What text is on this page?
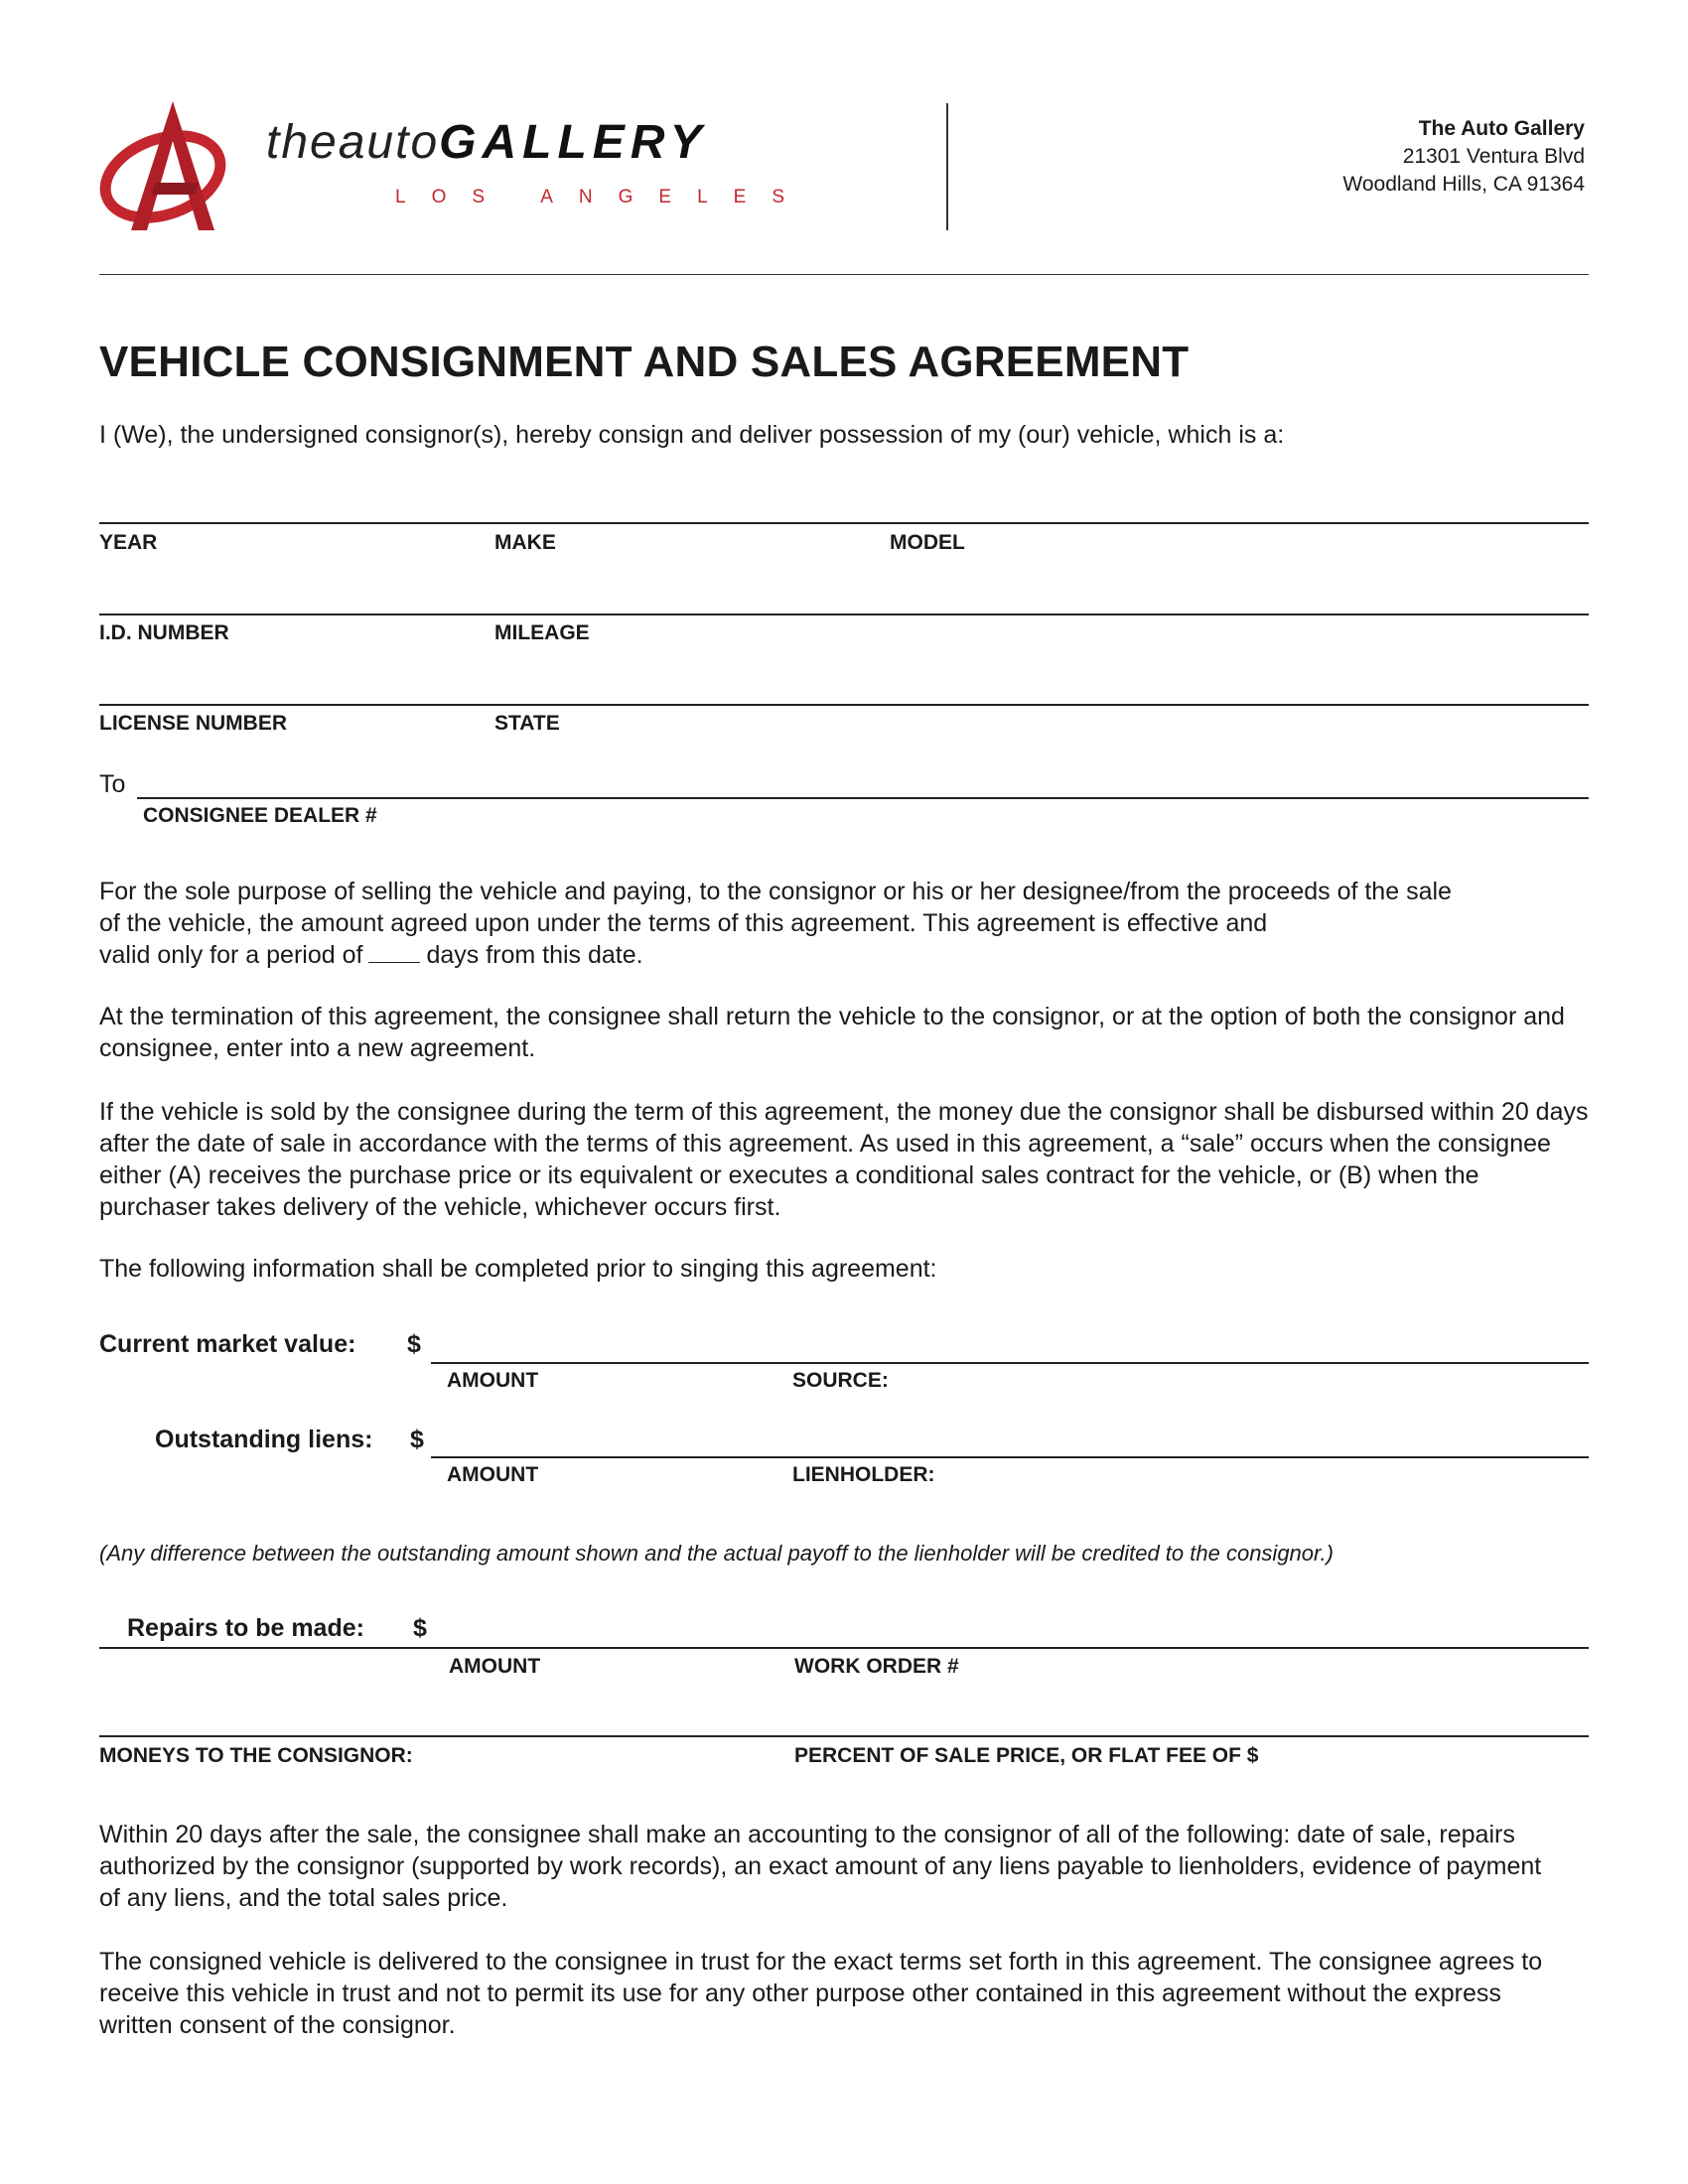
theautoGALLERY
LOS ANGELES
The Auto Gallery
21301 Ventura Blvd
Woodland Hills, CA 91364
VEHICLE CONSIGNMENT AND SALES AGREEMENT
I (We), the undersigned consignor(s), hereby consign and deliver possession of my (our) vehicle, which is a:
YEAR	MAKE	MODEL
I.D. NUMBER	MILEAGE
LICENSE NUMBER	STATE
To
CONSIGNEE DEALER #
For the sole purpose of selling the vehicle and paying, to the consignor or his or her designee/from the proceeds of the sale
of the vehicle, the amount agreed upon under the terms of this agreement. This agreement is effective and
valid only for a period of	days from this date.
At the termination of this agreement, the consignee shall return the vehicle to the consignor, or at the option of both the consignor and consignee, enter into a new agreement.
If the vehicle is sold by the consignee during the term of this agreement, the money due the consignor shall be disbursed within 20 days after the date of sale in accordance with the terms of this agreement. As used in this agreement, a “sale” occurs when the consignee either (A) receives the purchase price or its equivalent or executes a conditional sales contract for the vehicle, or (B) when the purchaser takes delivery of the vehicle, whichever occurs first.
The following information shall be completed prior to singing this agreement:
Current market value: $
AMOUNT	SOURCE:
Outstanding liens: $
AMOUNT	LIENHOLDER:
(Any difference between the outstanding amount shown and the actual payoff to the lienholder will be credited to the consignor.)
Repairs to be made: $
AMOUNT	WORK ORDER #
MONEYS TO THE CONSIGNOR:	PERCENT OF SALE PRICE, OR FLAT FEE OF $
Within 20 days after the sale, the consignee shall make an accounting to the consignor of all of the following: date of sale, repairs authorized by the consignor (supported by work records), an exact amount of any liens payable to lienholders, evidence of payment of any liens, and the total sales price.
The consigned vehicle is delivered to the consignee in trust for the exact terms set forth in this agreement. The consignee agrees to receive this vehicle in trust and not to permit its use for any other purpose other contained in this agreement without the express written consent of the consignor.
